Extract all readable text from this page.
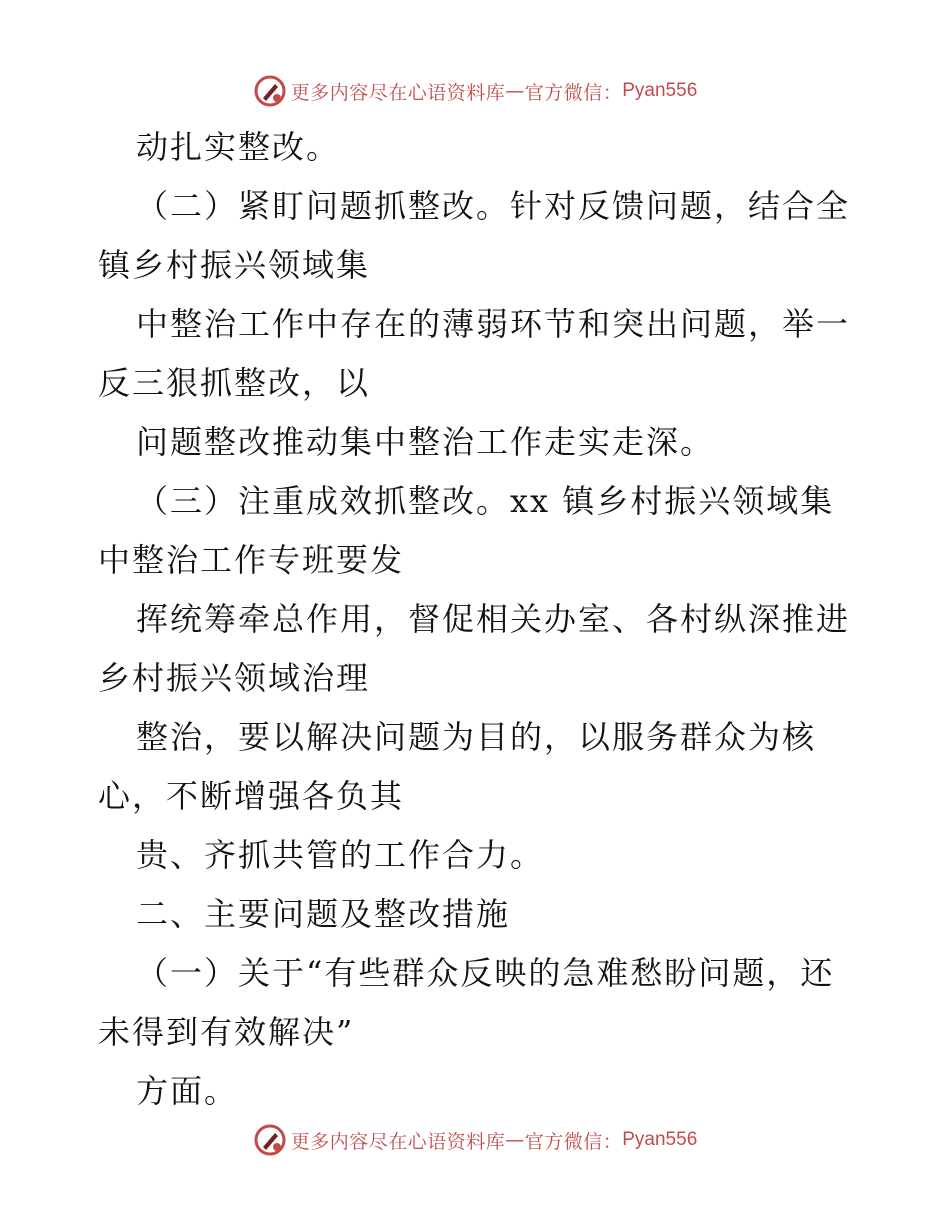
更多内容尽在心语资料库 — 官方微信： Pyan556
动扎实整改。
（二）紧盯问题抓整改。针对反馈问题，结合全
镇乡村振兴领域集
中整治工作中存在的薄弱环节和突出问题，举一
反三狠抓整改，以
问题整改推动集中整治工作走实走深。
（三）注重成效抓整改。xx 镇乡村振兴领域集
中整治工作专班要发
挥统筹牵总作用，督促相关办室、各村纵深推进
乡村振兴领域治理
整治，要以解决问题为目的，以服务群众为核
心，不断增强各负其
贵、齐抓共管的工作合力。
二、主要问题及整改措施
（一）关于“有些群众反映的急难愁盼问题，还
未得到有效解决”
方面。
更多内容尽在心语资料库 — 官方微信： Pyan556
